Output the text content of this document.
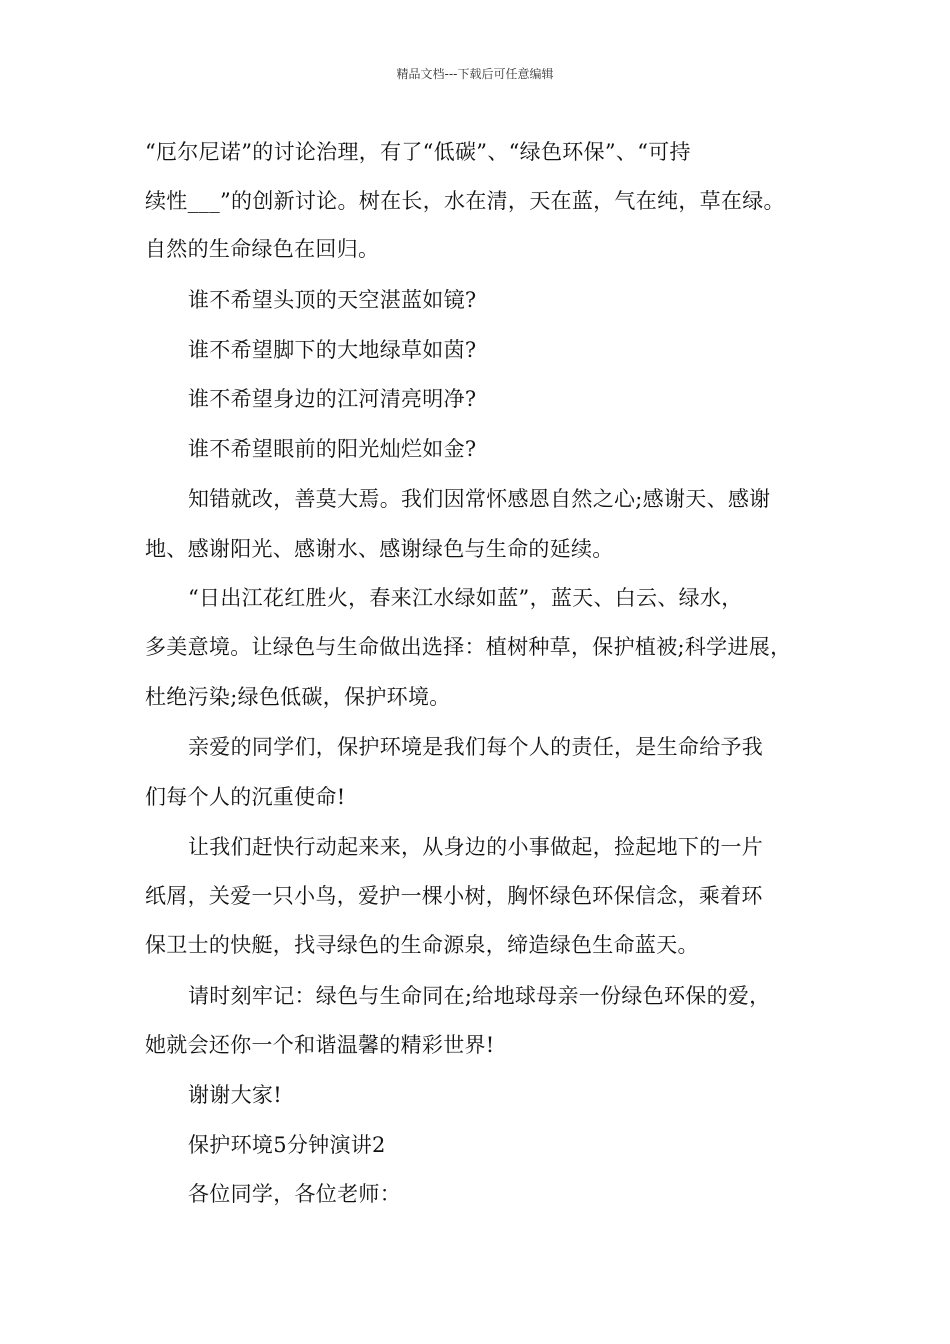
精品文档---下载后可任意编辑
“厄尔尼诺”的讨论治理，有了“低碳”、“绿色环保”、“可持
续性___”的创新讨论。树在长，水在清，天在蓝，气在纯，草在绿。
自然的生命绿色在回归。
谁不希望头顶的天空湛蓝如镜?
谁不希望脚下的大地绿草如茵?
谁不希望身边的江河清亮明净?
谁不希望眼前的阳光灿烂如金?
知错就改，善莫大焉。我们因常怀感恩自然之心;感谢天、感谢
地、感谢阳光、感谢水、感谢绿色与生命的延续。
“日出江花红胜火，春来江水绿如蓝”，蓝天、白云、绿水，
多美意境。让绿色与生命做出选择：植树种草，保护植被;科学进展，
杜绝污染;绿色低碳，保护环境。
亲爱的同学们，保护环境是我们每个人的责任，是生命给予我
们每个人的沉重使命!
让我们赶快行动起来来，从身边的小事做起，捡起地下的一片
纸屑，关爱一只小鸟，爱护一棵小树，胸怀绿色环保信念，乘着环
保卫士的快艇，找寻绿色的生命源泉，缔造绿色生命蓝天。
请时刻牢记：绿色与生命同在;给地球母亲一份绿色环保的爱，
她就会还你一个和谐温馨的精彩世界!
谢谢大家!
保护环境5分钟演讲2
各位同学，各位老师：
